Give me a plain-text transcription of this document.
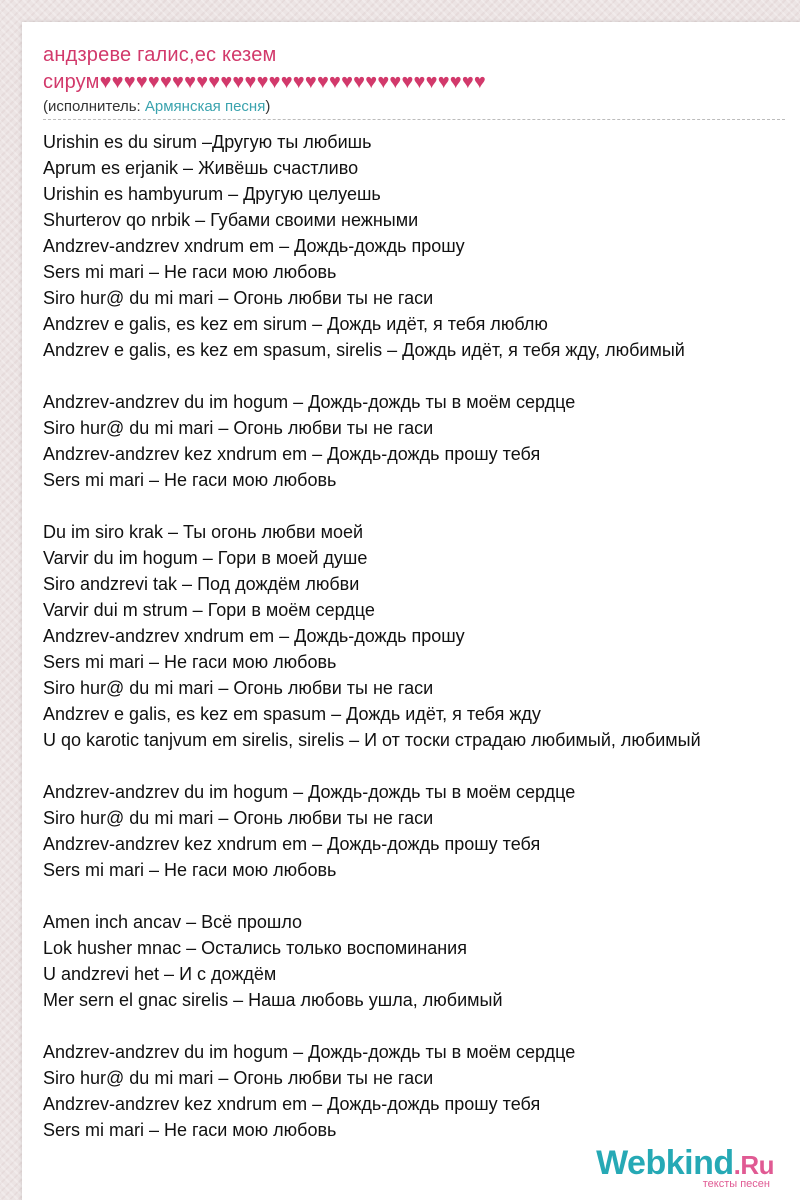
андзреве галис,ес кезем
сирум♥♥♥♥♥♥♥♥♥♥♥♥♥♥♥♥♥♥♥♥♥♥♥♥♥♥♥♥♥♥♥♥
(исполнитель: Армянская песня)
Urishin es du sirum –Другую ты любишь
Aprum es erjanik – Живёшь счастливо
Urishin es hambyurum – Другую целуешь
Shurterov qo nrbik – Губами своими нежными
Andzrev-andzrev xndrum em – Дождь-дождь прошу
Sers mi mari – Не гаси мою любовь
Siro hur@ du mi mari – Огонь любви ты не гаси
Andzrev e galis, es kez em sirum – Дождь идёт, я тебя люблю
Andzrev e galis, es kez em spasum, sirelis – Дождь идёт, я тебя жду, любимый
Andzrev-andzrev du im hogum – Дождь-дождь ты в моём сердце
Siro hur@ du mi mari – Огонь любви ты не гаси
Andzrev-andzrev kez xndrum em – Дождь-дождь прошу тебя
Sers mi mari – Не гаси мою любовь
Du im siro krak – Ты огонь любви моей
Varvir du im hogum – Гори в моей душе
Siro andzrevi tak – Под дождём любви
Varvir dui m strum – Гори в моём сердце
Andzrev-andzrev xndrum em – Дождь-дождь прошу
Sers mi mari – Не гаси мою любовь
Siro hur@ du mi mari – Огонь любви ты не гаси
Andzrev e galis, es kez em spasum – Дождь идёт, я тебя жду
U qo karotic tanjvum em sirelis, sirelis – И от тоски страдаю любимый, любимый
Andzrev-andzrev du im hogum – Дождь-дождь ты в моём сердце
Siro hur@ du mi mari – Огонь любви ты не гаси
Andzrev-andzrev kez xndrum em – Дождь-дождь прошу тебя
Sers mi mari – Не гаси мою любовь
Amen inch ancav – Всё прошло
Lok husher mnac – Остались только воспоминания
U andzrevi het – И с дождём
Mer sern el gnac sirelis – Наша любовь ушла, любимый
Andzrev-andzrev du im hogum – Дождь-дождь ты в моём сердце
Siro hur@ du mi mari – Огонь любви ты не гаси
Andzrev-andzrev kez xndrum em – Дождь-дождь прошу тебя
Sers mi mari – Не гаси мою любовь
Webkind.Ru
тексты песен
